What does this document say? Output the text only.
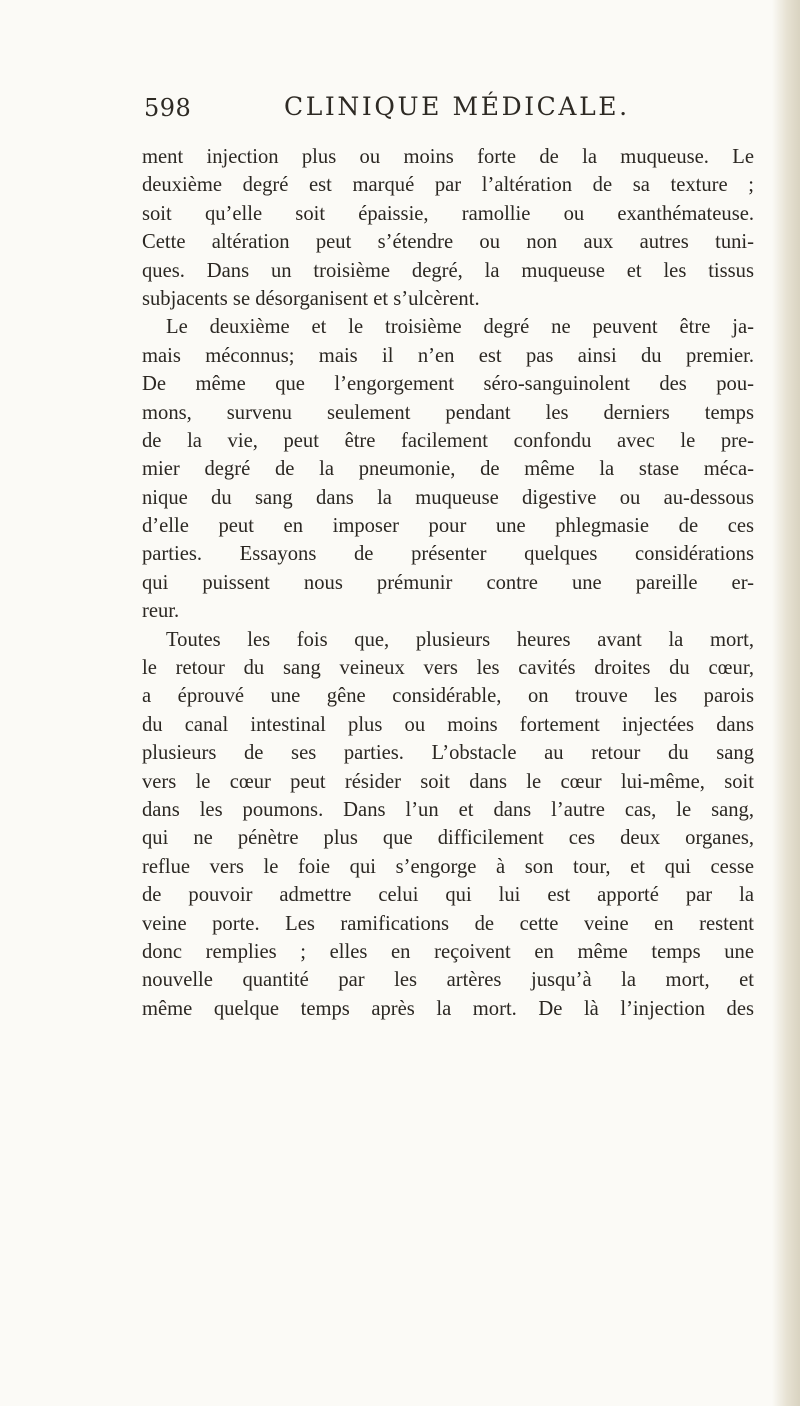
598	CLINIQUE MÉDICALE.
ment injection plus ou moins forte de la muqueuse. Le
deuxième degré est marqué par l’altération de sa texture ;
soit qu’elle soit épaissie, ramollie ou exanthémateuse.
Cette altération peut s’étendre ou non aux autres tuni-
ques. Dans un troisième degré, la muqueuse et les tissus
subjacents se désorganisent et s’ulcèrent.
Le deuxième et le troisième degré ne peuvent être ja-
mais méconnus; mais il n’en est pas ainsi du premier.
De même que l’engorgement séro-sanguinolent des pou-
mons, survenu seulement pendant les derniers temps
de la vie, peut être facilement confondu avec le pre-
mier degré de la pneumonie, de même la stase méca-
nique du sang dans la muqueuse digestive ou au-dessous
d’elle peut en imposer pour une phlegmasie de ces
parties. Essayons de présenter quelques considérations
qui puissent nous prémunir contre une pareille er-
reur.
Toutes les fois que, plusieurs heures avant la mort,
le retour du sang veineux vers les cavités droites du cœur,
a éprouvé une gêne considérable, on trouve les parois
du canal intestinal plus ou moins fortement injectées dans
plusieurs de ses parties. L’obstacle au retour du sang
vers le cœur peut résider soit dans le cœur lui-même, soit
dans les poumons. Dans l’un et dans l’autre cas, le sang,
qui ne pénètre plus que difficilement ces deux organes,
reflue vers le foie qui s’engorge à son tour, et qui cesse
de pouvoir admettre celui qui lui est apporté par la
veine porte. Les ramifications de cette veine en restent
donc remplies ; elles en reçoivent en même temps une
nouvelle quantité par les artères jusqu’à la mort, et
même quelque temps après la mort. De là l’injection des
